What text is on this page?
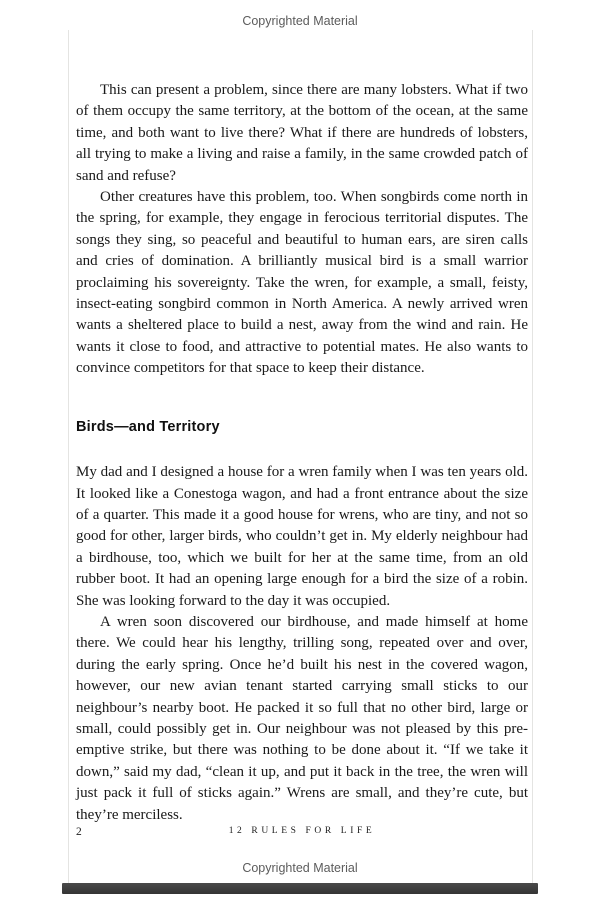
Copyrighted Material

This can present a problem, since there are many lobsters. What if two of them occupy the same territory, at the bottom of the ocean, at the same time, and both want to live there? What if there are hundreds of lobsters, all trying to make a living and raise a family, in the same crowded patch of sand and refuse?

Other creatures have this problem, too. When songbirds come north in the spring, for example, they engage in ferocious territorial disputes. The songs they sing, so peaceful and beautiful to human ears, are siren calls and cries of domination. A brilliantly musical bird is a small warrior proclaiming his sovereignty. Take the wren, for example, a small, feisty, insect-eating songbird common in North America. A newly arrived wren wants a sheltered place to build a nest, away from the wind and rain. He wants it close to food, and attractive to potential mates. He also wants to convince competitors for that space to keep their distance.

Birds—and Territory

My dad and I designed a house for a wren family when I was ten years old. It looked like a Conestoga wagon, and had a front entrance about the size of a quarter. This made it a good house for wrens, who are tiny, and not so good for other, larger birds, who couldn’t get in. My elderly neighbour had a birdhouse, too, which we built for her at the same time, from an old rubber boot. It had an opening large enough for a bird the size of a robin. She was looking forward to the day it was occupied.

A wren soon discovered our birdhouse, and made himself at home there. We could hear his lengthy, trilling song, repeated over and over, during the early spring. Once he’d built his nest in the covered wagon, however, our new avian tenant started carrying small sticks to our neighbour’s nearby boot. He packed it so full that no other bird, large or small, could possibly get in. Our neighbour was not pleased by this pre-emptive strike, but there was nothing to be done about it. “If we take it down,” said my dad, “clean it up, and put it back in the tree, the wren will just pack it full of sticks again.” Wrens are small, and they’re cute, but they’re merciless.

2	12 RULES FOR LIFE
Copyrighted Material
